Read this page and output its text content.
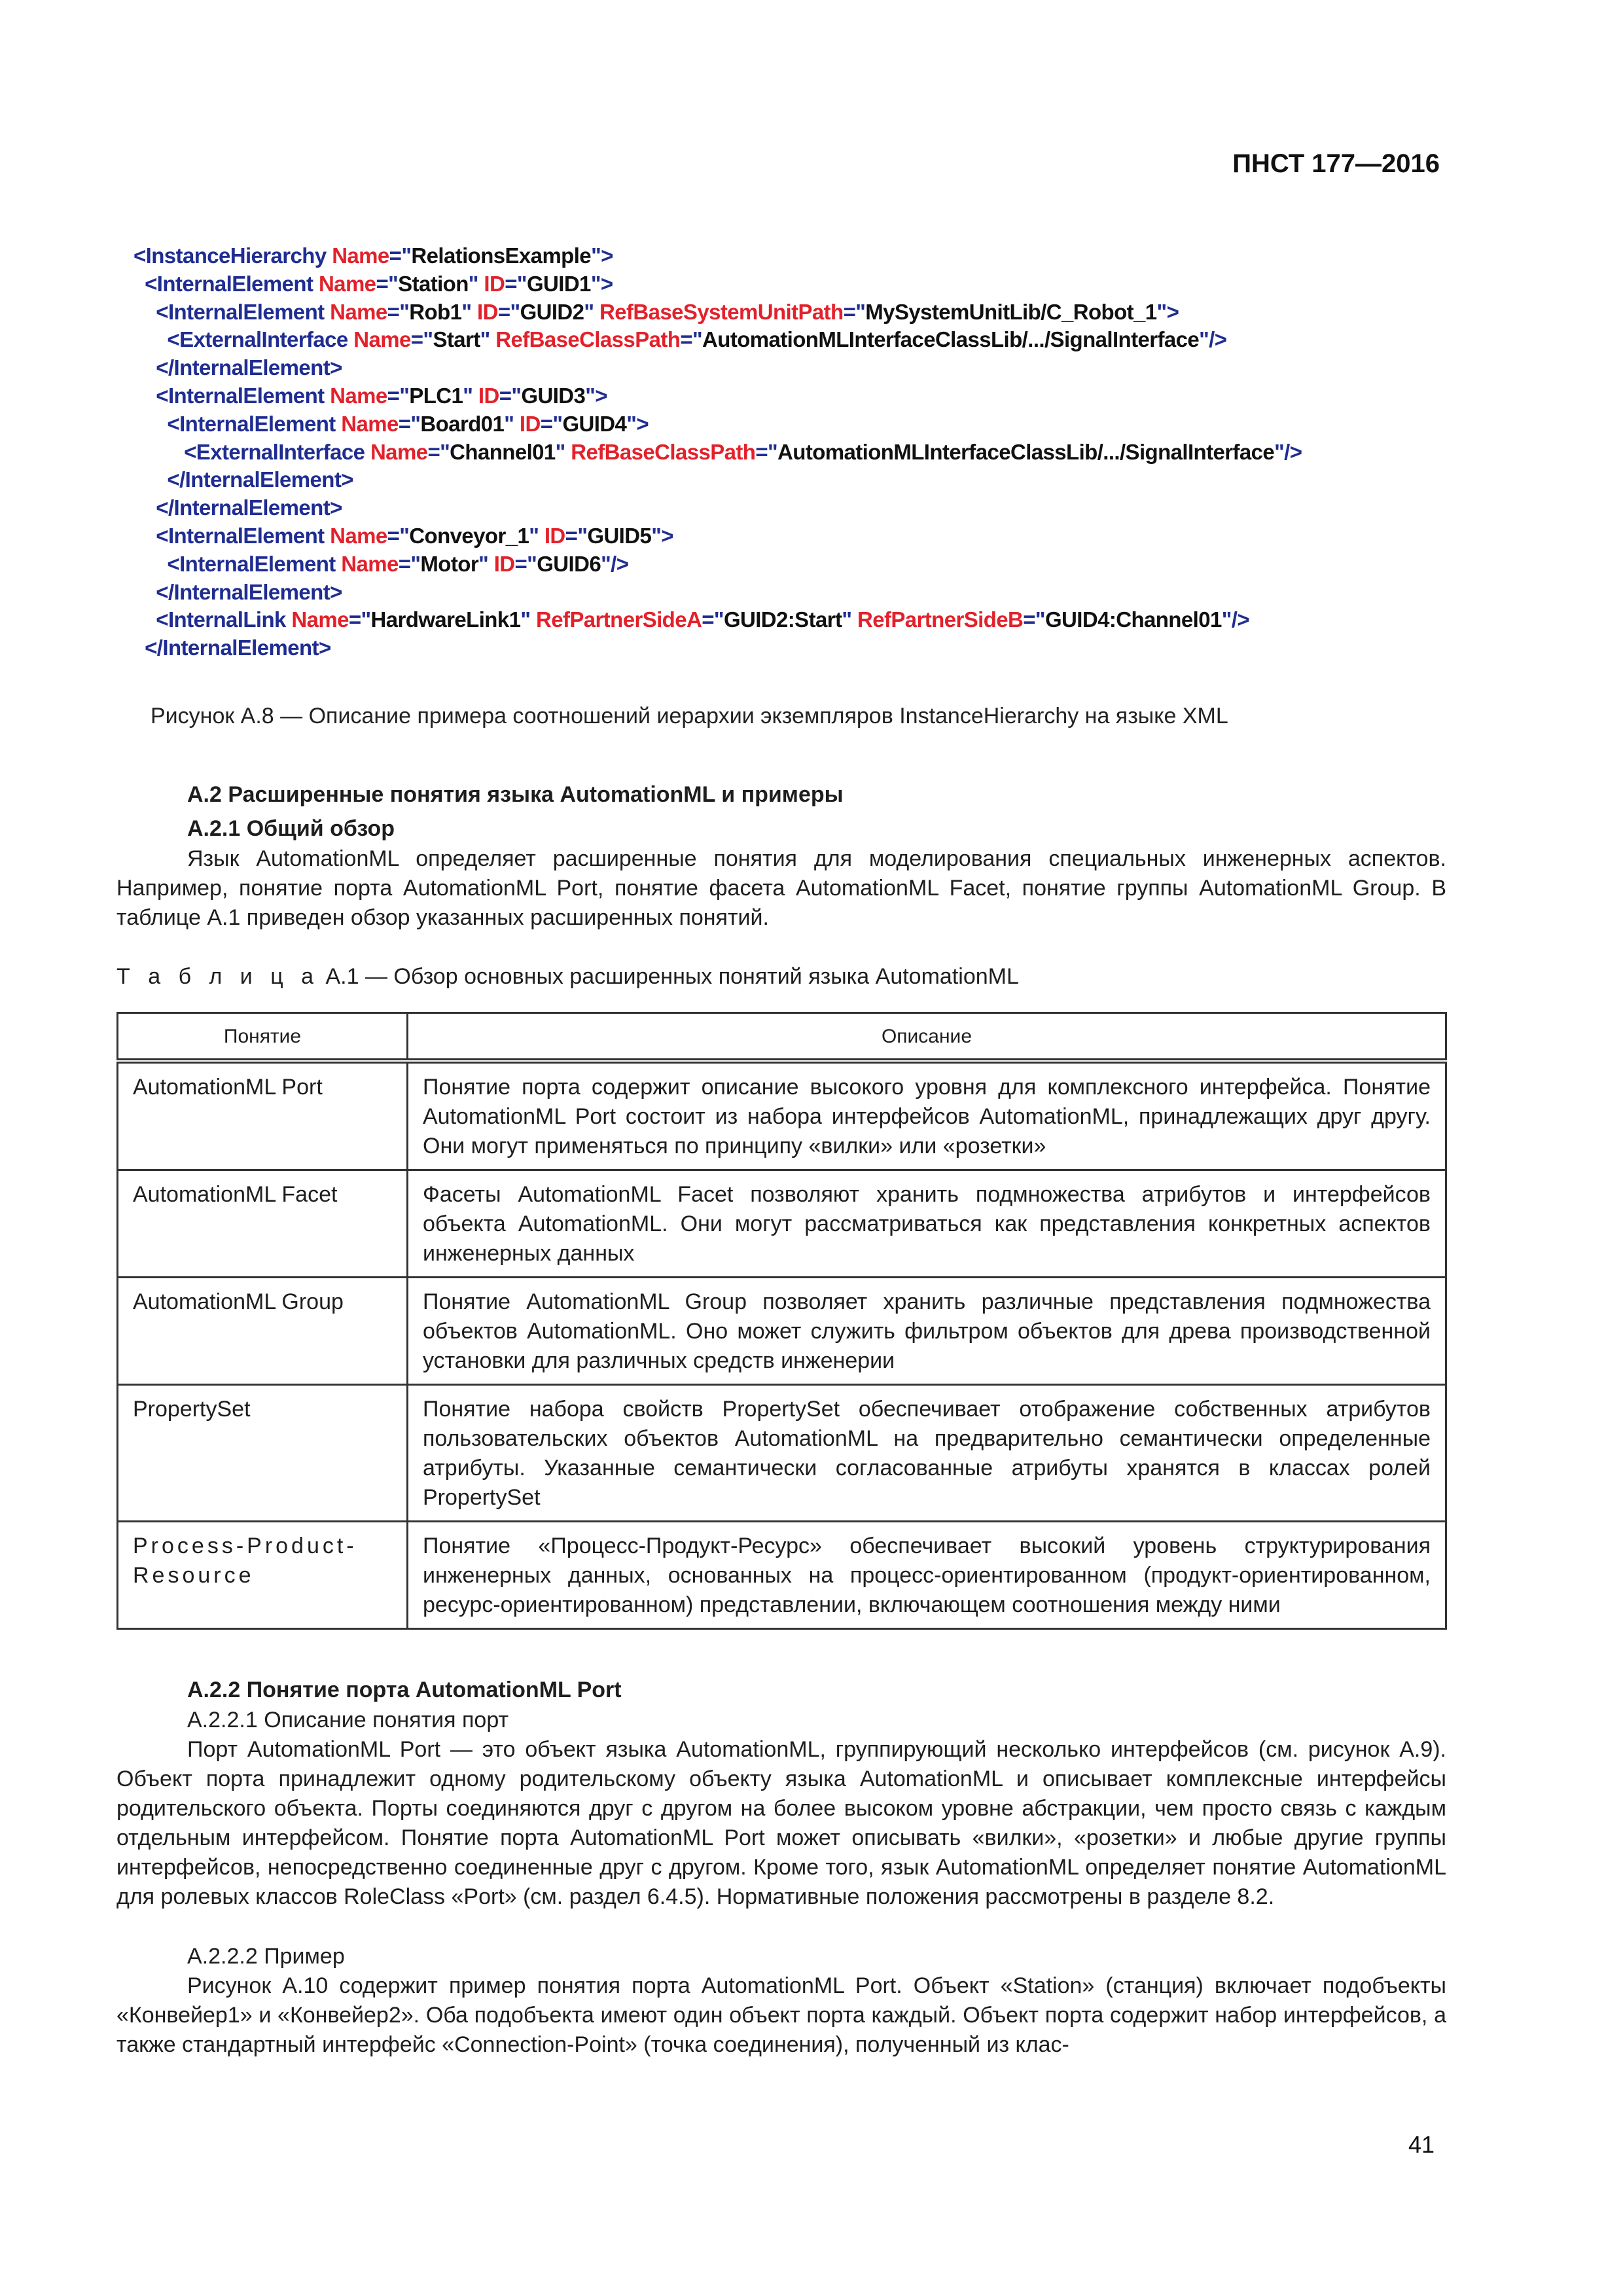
ПНСТ 177—2016
<InstanceHierarchy Name="RelationsExample">
<InternalElement Name="Station" ID="GUID1">
<InternalElement Name="Rob1" ID="GUID2" RefBaseSystemUnitPath="MySystemUnitLib/C_Robot_1">
<ExternalInterface Name="Start" RefBaseClassPath="AutomationMLInterfaceClassLib/.../SignalInterface"/>
</InternalElement>
<InternalElement Name="PLC1" ID="GUID3">
<InternalElement Name="Board01" ID="GUID4">
<ExternalInterface Name="Channel01" RefBaseClassPath="AutomationMLInterfaceClassLib/.../SignalInterface"/>
</InternalElement>
</InternalElement>
<InternalElement Name="Conveyor_1" ID="GUID5">
<InternalElement Name="Motor" ID="GUID6"/>
</InternalElement>
<InternalLink Name="HardwareLink1" RefPartnerSideA="GUID2:Start" RefPartnerSideB="GUID4:Channel01"/>
</InternalElement>
Рисунок А.8 — Описание примера соотношений иерархии экземпляров InstanceHierarchy на языке XML
А.2 Расширенные понятия языка AutomationML и примеры
А.2.1 Общий обзор

Язык AutomationML определяет расширенные понятия для моделирования специальных инженерных аспектов. Например, понятие порта AutomationML Port, понятие фасета AutomationML Facet, понятие группы AutomationML Group. В таблице А.1 приведен обзор указанных расширенных понятий.

Т а б л и ц а А.1 — Обзор основных расширенных понятий языка AutomationML
Понятие	Описание
AutomationML Port	Понятие порта содержит описание высокого уровня для комплексного интерфейса. Понятие AutomationML Port состоит из набора интерфейсов AutomationML, принадлежащих друг другу. Они могут применяться по принципу «вилки» или «розетки»
AutomationML Facet	Фасеты AutomationML Facet позволяют хранить подмножества атрибутов и интерфейсов объекта AutomationML. Они могут рассматриваться как представления конкретных аспектов инженерных данных
AutomationML Group	Понятие AutomationML Group позволяет хранить различные представления подмножества объектов AutomationML. Оно может служить фильтром объектов для древа производственной установки для различных средств инженерии
PropertySet	Понятие набора свойств PropertySet обеспечивает отображение собственных атрибутов пользовательских объектов AutomationML на предварительно семантически определенные атрибуты. Указанные семантически согласованные атрибуты хранятся в классах ролей PropertySet
Process-Product-Resource	Понятие «Процесс-Продукт-Ресурс» обеспечивает высокий уровень структурирования инженерных данных, основанных на процесс-ориентированном (продукт-ориентированном, ресурс-ориентированном) представлении, включающем соотношения между ними
А.2.2 Понятие порта AutomationML Port
А.2.2.1 Описание понятия порт

Порт AutomationML Port — это объект языка AutomationML, группирующий несколько интерфейсов (см. рисунок А.9). Объект порта принадлежит одному родительскому объекту языка AutomationML и описывает комплексные интерфейсы родительского объекта. Порты соединяются друг с другом на более высоком уровне абстракции, чем просто связь с каждым отдельным интерфейсом. Понятие порта AutomationML Port может описывать «вилки», «розетки» и любые другие группы интерфейсов, непосредственно соединенные друг с другом. Кроме того, язык AutomationML определяет понятие AutomationML для ролевых классов RoleClass «Port» (см. раздел 6.4.5). Нормативные положения рассмотрены в разделе 8.2.

А.2.2.2 Пример

Рисунок А.10 содержит пример понятия порта AutomationML Port. Объект «Station» (станция) включает подобъекты «Конвейер1» и «Конвейер2». Оба подобъекта имеют один объект порта каждый. Объект порта содержит набор интерфейсов, а также стандартный интерфейс «Connection-Point» (точка соединения), полученный из клас-

41
